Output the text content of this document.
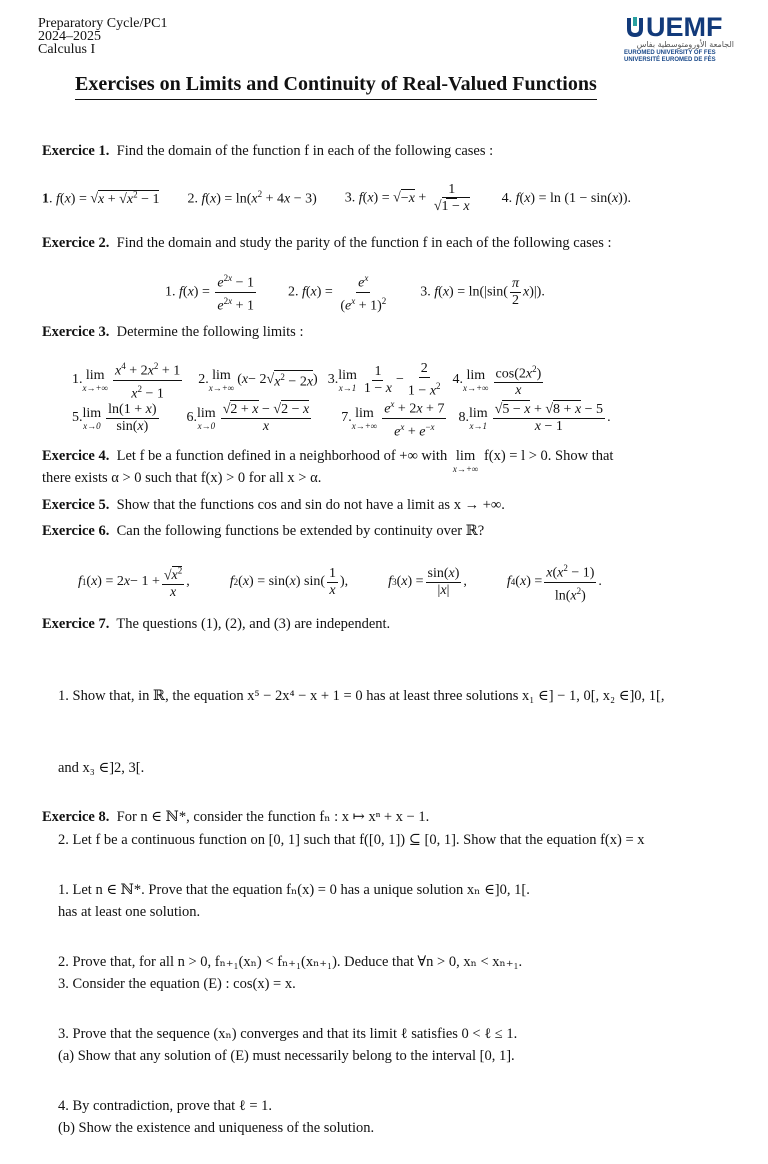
Preparatory Cycle/PC1
2024–2025
Calculus I
UEMF
الجامعة الأورومتوسطية بفاس
EUROMED UNIVERSITY OF FES
UNIVERSITÉ EUROMED DE FÈS
Exercises on Limits and Continuity of Real-Valued Functions
Exercice 1. Find the domain of the function f in each of the following cases :
1. $f(x) = √x + √x^2 - 1$ 2. $f(x) = \ln(x^2 + 4x - 3)$ 3. $f(x) = √-x + \frac{1}{√1 - x} 4$. f(x) = ln (1 − sin(x)).
Exercice 2. Find the domain and study the parity of the function f in each of the following cases :
1. $f(x) = \frac{e^{2x} - 1}{e^{2x} + 1} 2$. $f(x) = \frac{e^x}{(e^x + 1)^2} 3$. $f(x) = \ln(|\sin( \frac{\pi}{2} x)|)$.
Exercice 3. Determine the following limits :
1. lim
$x\to+\infty \frac{x^4 + 2x^2 + 1}{x^2 - 1} 2$. lim
x→+∞
( x − 2√ $x^2 - 2x$ ) 3. lim
$x\to 1 \frac{1}{1 - x} - \frac{2}{1 - x^2} 4$. lim
$x\to+\infty \frac{\cos(2x^2)}{x}$
5. lim
$x\to 0 \frac{\ln(1 + x)}{\sin(x)} 6$. lim
$x\to 0 \frac{√2 + x - √2 - x}{x} 7$. lim
$x\to+\infty \frac{e^x + 2x + 7}{e^x + e^{-x}} 8$. lim
$x\to 1 \frac{√5 - x + √8 + x - 5}{x - 1}$ .
Exercice 4. Let f be a function defined in a neighborhood of +∞ with lim
x→+∞
f(x) = l > 0. Show that
there exists α > 0 such that f(x) > 0 for all x > α.
Exercice 5. Show that the functions cos and sin do not have a limit as x → +∞.
Exercice 6. Can the following functions be extended by continuity over ℝ?
f 1 ( x ) = 2 $x - 1 + \frac{√x^2}{x}$ ,	f 2 ( x ) = sin( x ) $\sin( \frac{1}{x}$ ),	f 3 ( x ) = $\frac{\sin(x)}{|x|}$ ,	f 4 ( x ) = $\frac{x(x^2 - 1)}{\ln(x^2)}$ .
Exercice 7. The questions (1), (2), and (3) are independent.

1. Show that, in ℝ, the equation x⁵ − 2x⁴ − x + 1 = 0 has at least three solutions x₁ ∈] − 1, 0[, x₂ ∈]0, 1[,

and x₃ ∈]2, 3[.

2. Let f be a continuous function on [0, 1] such that f([0, 1]) ⊆ [0, 1]. Show that the equation f(x) = x

has at least one solution.

3. Consider the equation (E) : cos(x) = x.

(a) Show that any solution of (E) must necessarily belong to the interval [0, 1].

(b) Show the existence and uniqueness of the solution.

Exercice 8. For n ∈ ℕ*, consider the function fₙ : x ↦ xⁿ + x − 1.

1. Let n ∈ ℕ*. Prove that the equation fₙ(x) = 0 has a unique solution xₙ ∈]0, 1[.

2. Prove that, for all n > 0, fₙ₊₁(xₙ) < fₙ₊₁(xₙ₊₁). Deduce that ∀n > 0, xₙ < xₙ₊₁.

3. Prove that the sequence (xₙ) converges and that its limit ℓ satisfies 0 < ℓ ≤ 1.

4. By contradiction, prove that ℓ = 1.
